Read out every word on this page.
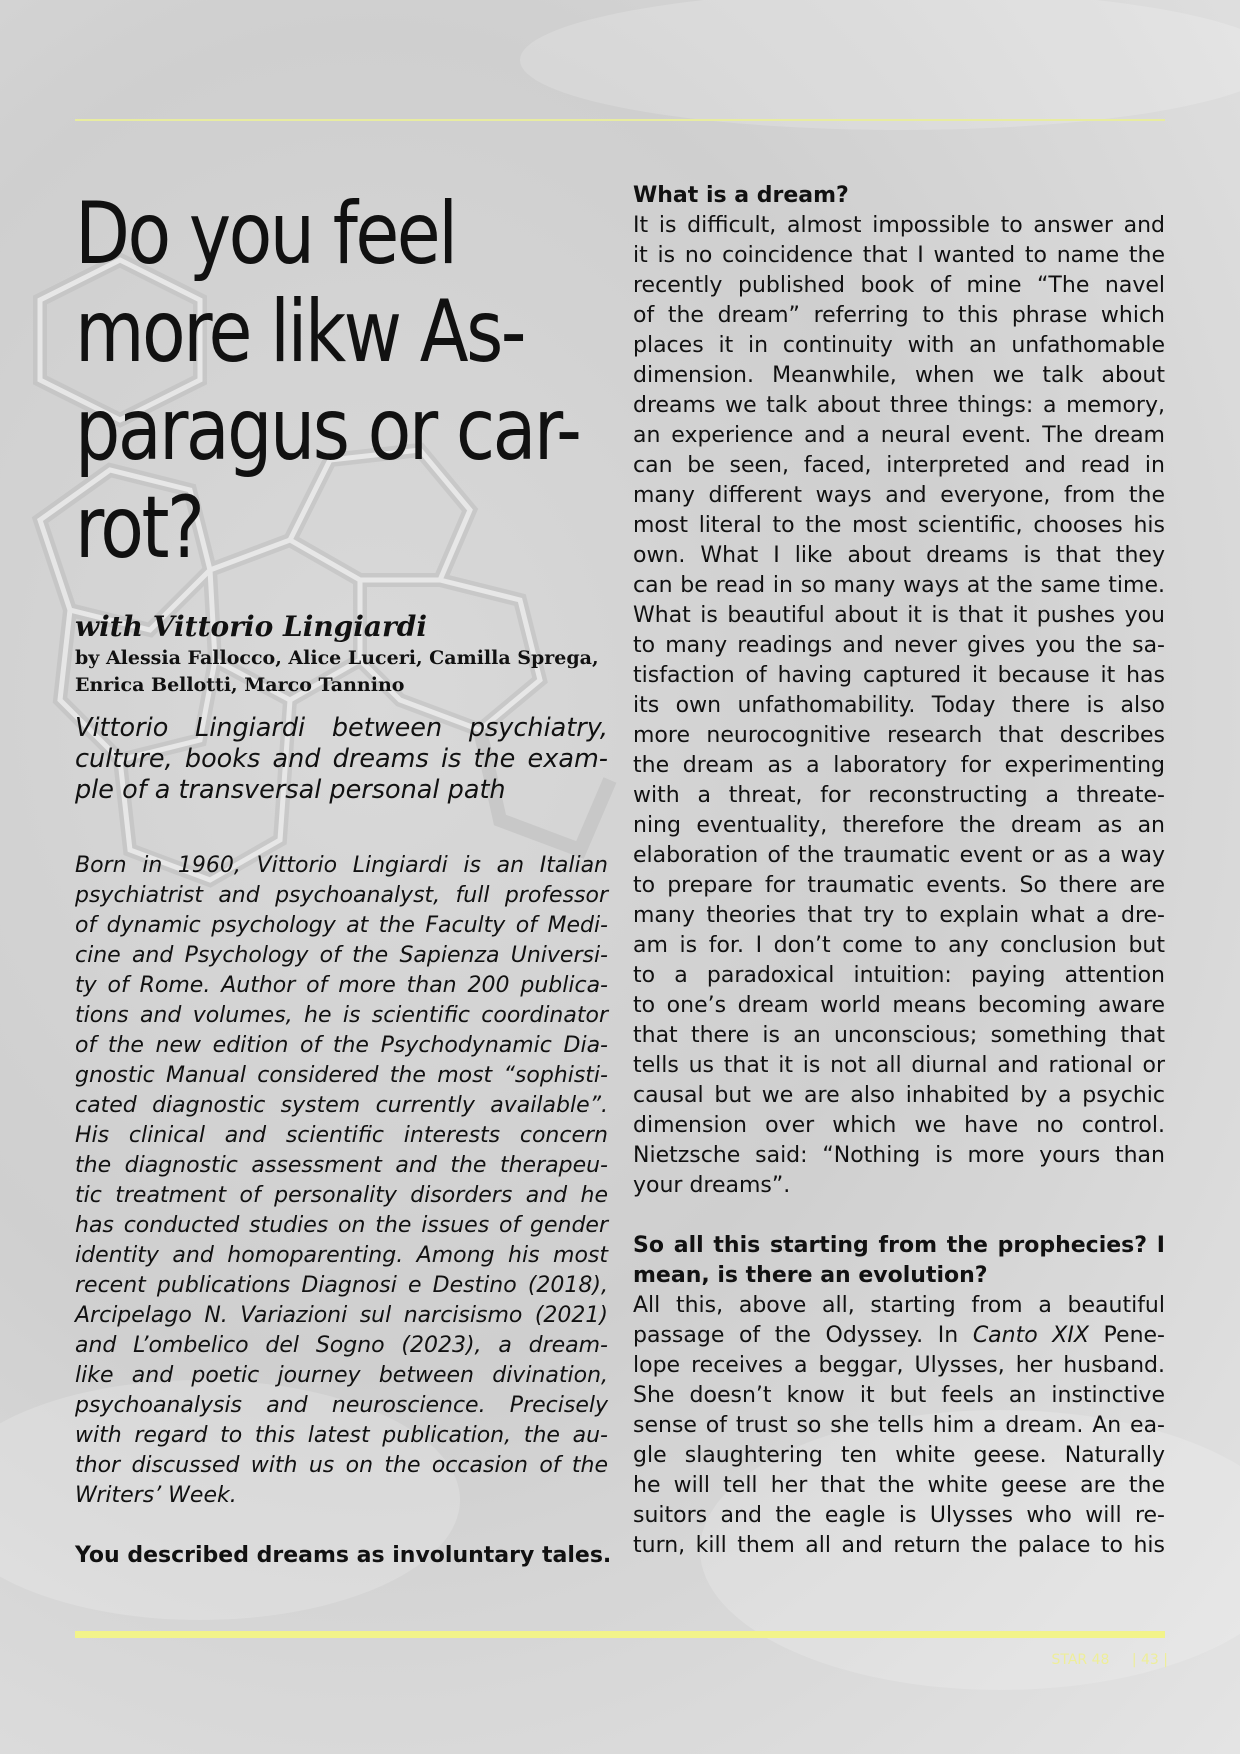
Do you feel
more likw As-
paragus or car-
rot?
with Vittorio Lingiardi
by Alessia Fallocco, Alice Luceri, Camilla Sprega,
Enrica Bellotti, Marco Tannino
Vittorio Lingiardi between psychiatry,
culture, books and dreams is the exam-
ple of a transversal personal path
Born in 1960, Vittorio Lingiardi is an Italian
psychiatrist and psychoanalyst, full professor
of dynamic psychology at the Faculty of Medi-
cine and Psychology of the Sapienza Universi-
ty of Rome. Author of more than 200 publica-
tions and volumes, he is scientific coordinator
of the new edition of the Psychodynamic Dia-
gnostic Manual considered the most “sophisti-
cated diagnostic system currently available”.
His clinical and scientific interests concern
the diagnostic assessment and the therapeu-
tic treatment of personality disorders and he
has conducted studies on the issues of gender
identity and homoparenting. Among his most
recent publications Diagnosi e Destino (2018),
Arcipelago N. Variazioni sul narcisismo (2021)
and L’ombelico del Sogno (2023), a dream-
like and poetic journey between divination,
psychoanalysis and neuroscience. Precisely
with regard to this latest publication, the au-
thor discussed with us on the occasion of the
Writers’ Week.
You described dreams as involuntary tales.
What is a dream?
It is difficult, almost impossible to answer and
it is no coincidence that I wanted to name the
recently published book of mine “The navel
of the dream” referring to this phrase which
places it in continuity with an unfathomable
dimension. Meanwhile, when we talk about
dreams we talk about three things: a memory,
an experience and a neural event. The dream
can be seen, faced, interpreted and read in
many different ways and everyone, from the
most literal to the most scientific, chooses his
own. What I like about dreams is that they
can be read in so many ways at the same time.
What is beautiful about it is that it pushes you
to many readings and never gives you the sa-
tisfaction of having captured it because it has
its own unfathomability. Today there is also
more neurocognitive research that describes
the dream as a laboratory for experimenting
with a threat, for reconstructing a threate-
ning eventuality, therefore the dream as an
elaboration of the traumatic event or as a way
to prepare for traumatic events. So there are
many theories that try to explain what a dre-
am is for. I don’t come to any conclusion but
to a paradoxical intuition: paying attention
to one’s dream world means becoming aware
that there is an unconscious; something that
tells us that it is not all diurnal and rational or
causal but we are also inhabited by a psychic
dimension over which we have no control.
Nietzsche said: “Nothing is more yours than
your dreams”.
So all this starting from the prophecies? I
mean, is there an evolution?
All this, above all, starting from a beautiful
passage of the Odyssey. In Canto XIX Pene-
lope receives a beggar, Ulysses, her husband.
She doesn’t know it but feels an instinctive
sense of trust so she tells him a dream. An ea-
gle slaughtering ten white geese. Naturally
he will tell her that the white geese are the
suitors and the eagle is Ulysses who will re-
turn, kill them all and return the palace to his
STAR 48 | 43 |
